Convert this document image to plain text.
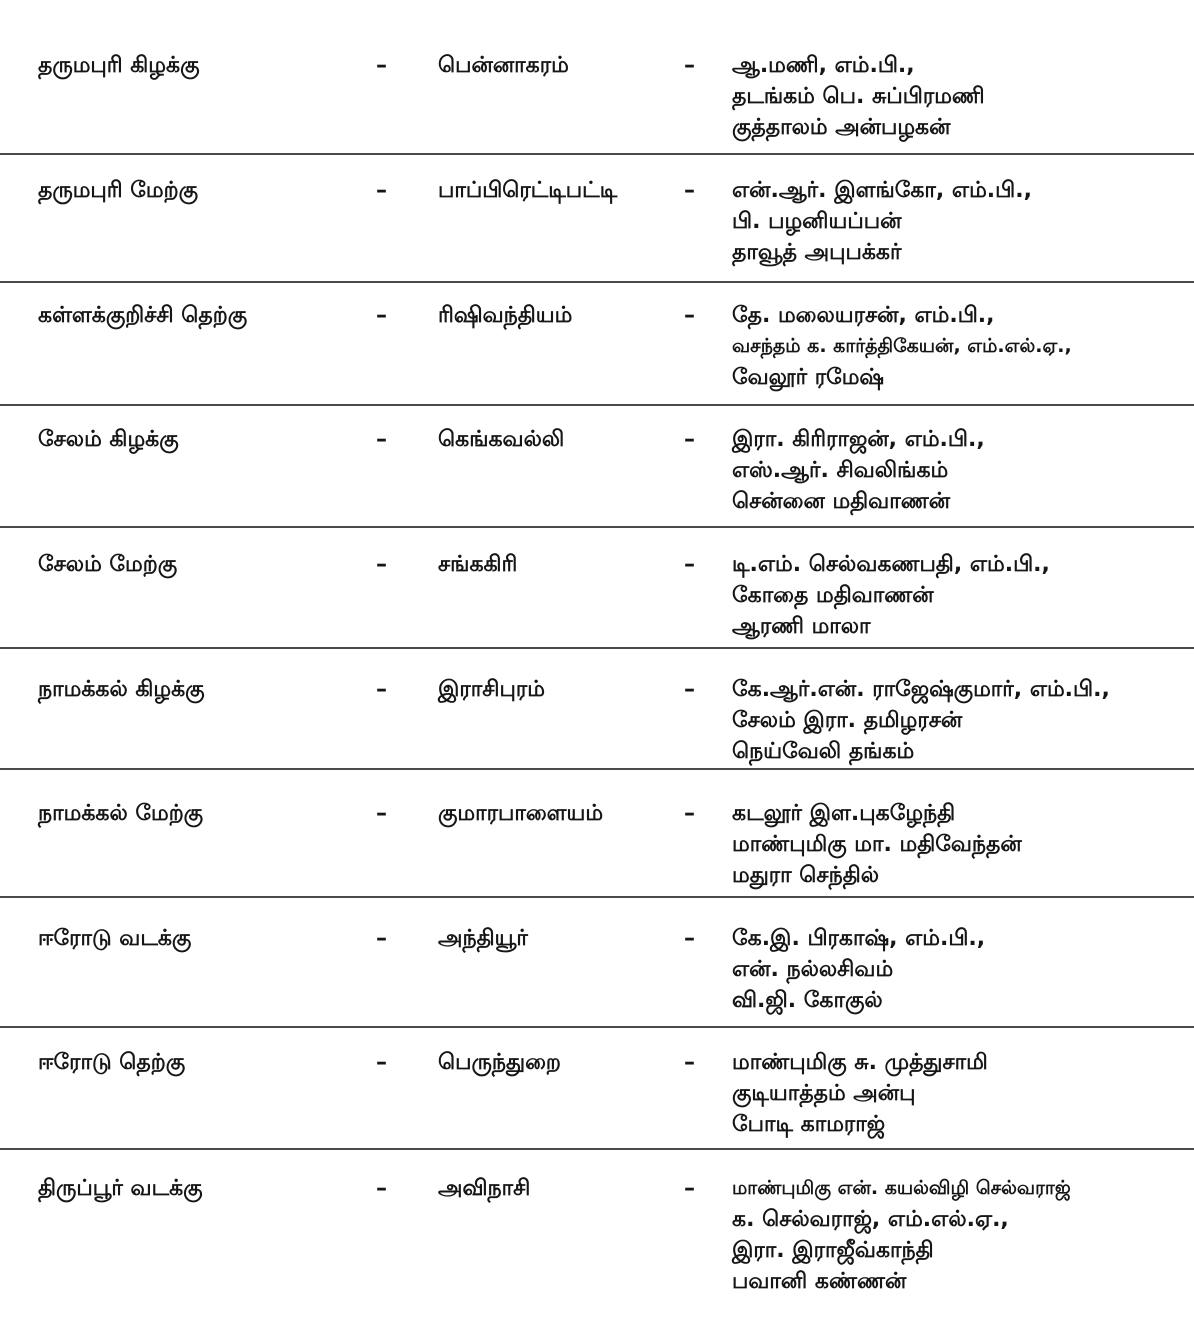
தருமபுரி கிழக்கு	– பென்னாகரம்	– ஆ.மணி, எம்.பி.,
தடங்கம் பெ. சுப்பிரமணி
குத்தாலம் அன்பழகன்
தருமபுரி மேற்கு	– பாப்பிரெட்டிபட்டி	– என்.ஆர். இளங்கோ, எம்.பி.,
பி. பழனியப்பன்
தாவூத் அபுபக்கர்
கள்ளக்குறிச்சி தெற்கு	– ரிஷிவந்தியம்	– தே. மலையரசன், எம்.பி.,
வசந்தம் க. கார்த்திகேயன், எம்.எல்.ஏ.,
வேலூர் ரமேஷ்
சேலம் கிழக்கு	– கெங்கவல்லி	– இரா. கிரிராஜன், எம்.பி.,
எஸ்.ஆர். சிவலிங்கம்
சென்னை மதிவாணன்
சேலம் மேற்கு	– சங்ககிரி	– டி.எம். செல்வகணபதி, எம்.பி.,
கோதை மதிவாணன்
ஆரணி மாலா
நாமக்கல் கிழக்கு	– இராசிபுரம்	– கே.ஆர்.என். ராஜேஷ்குமார், எம்.பி.,
சேலம் இரா. தமிழரசன்
நெய்வேலி தங்கம்
நாமக்கல் மேற்கு	– குமாரபாளையம்	– கடலூர் இள.புகழேந்தி
மாண்புமிகு மா. மதிவேந்தன்
மதுரா செந்தில்
ஈரோடு வடக்கு	– அந்தியூர்	– கே.இ. பிரகாஷ், எம்.பி.,
என். நல்லசிவம்
வி.ஜி. கோகுல்
ஈரோடு தெற்கு	– பெருந்துறை	– மாண்புமிகு சு. முத்துசாமி
குடியாத்தம் அன்பு
போடி காமராஜ்
திருப்பூர் வடக்கு	– அவிநாசி	– மாண்புமிகு என். கயல்விழி செல்வராஜ்
க. செல்வராஜ், எம்.எல்.ஏ.,
இரா. இராஜீவ்காந்தி
பவானி கண்ணன்
